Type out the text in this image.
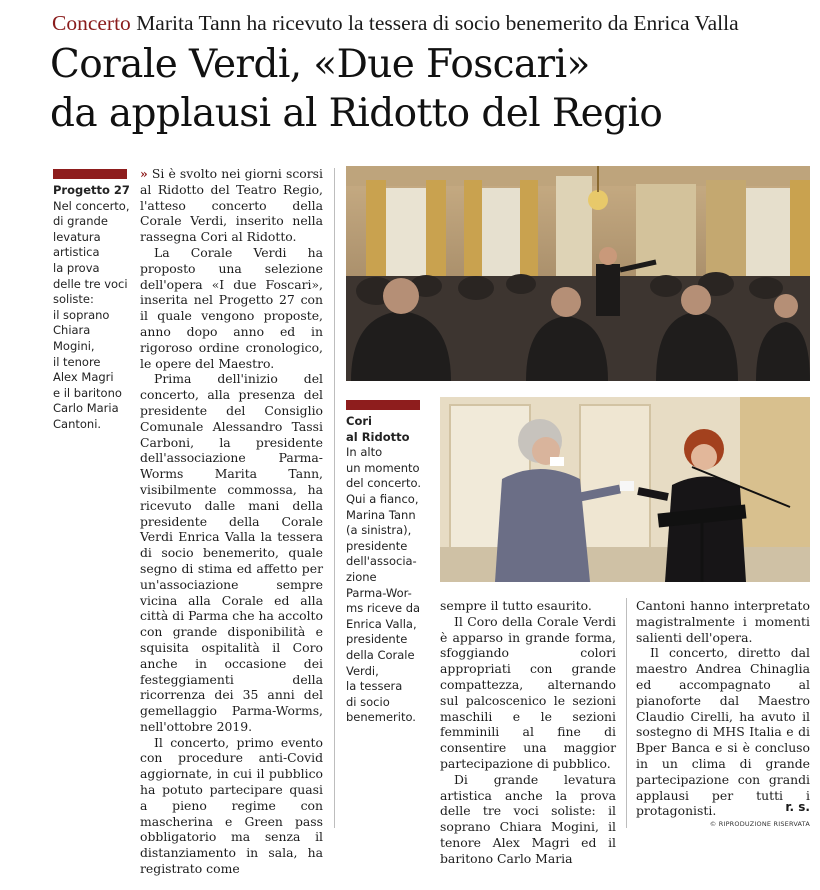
Concerto Marita Tann ha ricevuto la tessera di socio benemerito da Enrica Valla
Corale Verdi, «Due Foscari»
da applausi al Ridotto del Regio
Progetto 27
Nel concerto,
di grande
levatura
artistica
la prova
delle tre voci
soliste:
il soprano
Chiara
Mogini,
il tenore
Alex Magri
e il baritono
Carlo Maria
Cantoni.

» Si è svolto nei giorni scorsi al Ridotto del Teatro Regio, l'atteso concerto della Corale Verdi, inserito nella rassegna Cori al Ridotto.

La Corale Verdi ha proposto una selezione dell'opera «I due Foscari», inserita nel Progetto 27 con il quale vengono proposte, anno dopo anno ed in rigoroso ordine cronologico, le opere del Maestro.

Prima dell'inizio del concerto, alla presenza del presidente del Consiglio Comunale Alessandro Tassi Carboni, la presidente dell'associazione Parma-Worms Marita Tann, visibilmente commossa, ha ricevuto dalle mani della presidente della Corale Verdi Enrica Valla la tessera di socio benemerito, quale segno di stima ed affetto per un'associazione sempre vicina alla Corale ed alla città di Parma che ha accolto con grande disponibilità e squisita ospitalità il Coro anche in occasione dei festeggiamenti della ricorrenza dei 35 anni del gemellaggio Parma-Worms, nell'ottobre 2019.

Il concerto, primo evento con procedure anti-Covid aggiornate, in cui il pubblico ha potuto partecipare quasi a pieno regime con mascherina e Green pass obbligatorio ma senza il distanziamento in sala, ha registrato come

Cori
al Ridotto
In alto
un momento
del concerto.
Qui a fianco,
Marina Tann
(a sinistra),
presidente
dell'associa-
zione
Parma-Wor-
ms riceve da
Enrica Valla,
presidente
della Corale
Verdi,
la tessera
di socio
benemerito.

sempre il tutto esaurito.

Il Coro della Corale Verdi è apparso in grande forma, sfoggiando colori appropriati con grande compattezza, alternando sul palcoscenico le sezioni maschili e le sezioni femminili al fine di consentire una maggior partecipazione di pubblico.

Di grande levatura artistica anche la prova delle tre voci soliste: il soprano Chiara Mogini, il tenore Alex Magri ed il baritono Carlo Maria

Cantoni hanno interpretato magistralmente i momenti salienti dell'opera.

Il concerto, diretto dal maestro Andrea Chinaglia ed accompagnato al pianoforte dal Maestro Claudio Cirelli, ha avuto il sostegno di MHS Italia e di Bper Banca e si è concluso in un clima di grande partecipazione con grandi applausi per tutti i protagonisti.	r. s.
© RIPRODUZIONE RISERVATA
